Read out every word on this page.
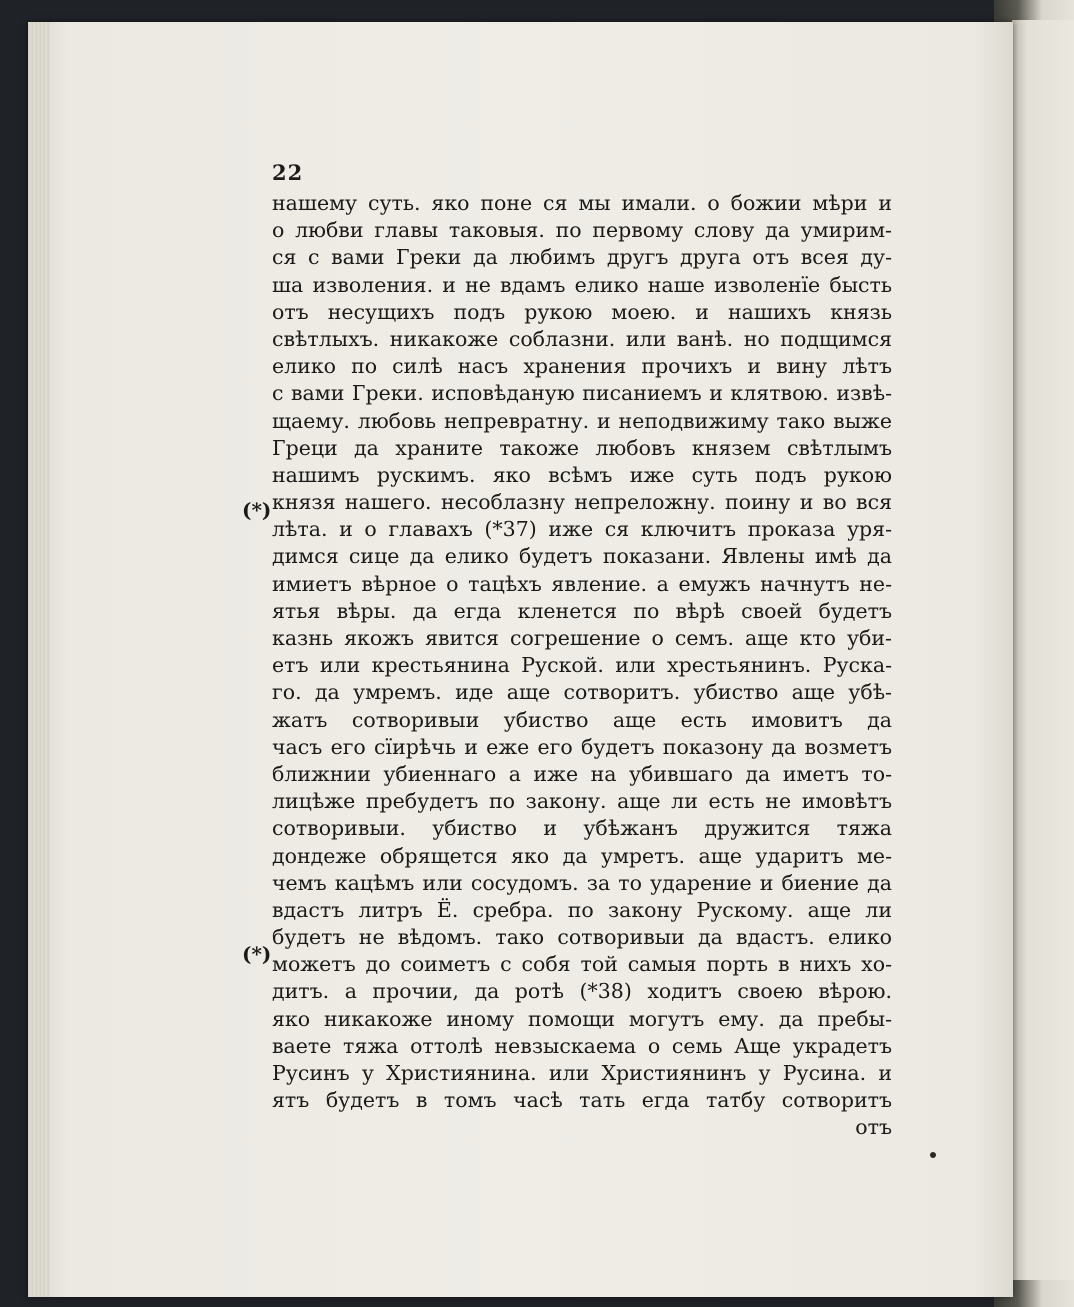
22
(*)
(*)
нашему суть. яко поне ся мы имали. о божии мѣри и
о любви главы таковыя. по первому слову да умирим-
ся с вами Греки да любимъ другъ друга отъ всея ду-
ша изволения. и не вдамъ елико наше изволенїе бысть
отъ несущихъ подъ рукою моею. и нашихъ князь
свѣтлыхъ. никакоже соблазни. или ванѣ. но подщимся
елико по силѣ насъ хранения прочихъ и вину лѣтъ
с вами Греки. исповѣданую писаниемъ и клятвою. извѣ-
щаему. любовь непревратну. и неподвижиму тако выже
Греци да храните такоже любовъ князем свѣтлымъ
нашимъ рускимъ. яко всѣмъ иже суть подъ рукою
князя нашего. несоблазну непреложну. поину и во вся
лѣта. и о главахъ (*37) иже ся ключитъ проказа уря-
димся сице да елико будетъ показани. Явлены имѣ да
имиетъ вѣрное о тацѣхъ явление. а емужъ начнутъ не-
ятья вѣры. да егда кленется по вѣрѣ своей будетъ
казнь якожъ явится согрешение о семъ. аще кто уби-
етъ или крестьянина Руской. или хрестьянинъ. Руска-
го. да умремъ. иде аще сотворитъ. убиство аще убѣ-
жатъ сотворивыи убиство аще есть имовитъ да
часъ его сїирѣчь и еже его будетъ показону да возметъ
ближнии убиеннаго а иже на убившаго да иметъ то-
лицѣже пребудетъ по закону. аще ли есть не имовѣтъ
сотворивыи. убиство и убѣжанъ дружится тяжа
дондеже обрящется яко да умретъ. аще ударитъ ме-
чемъ кацѣмъ или сосудомъ. за то ударение и биение да
вдастъ литръ Ё. сребра. по закону Рускому. аще ли
будетъ не вѣдомъ. тако сотворивыи да вдастъ. елико
можетъ до соиметъ с собя той самыя порть в нихъ хо-
дитъ. а прочии, да ротѣ (*38) ходитъ своею вѣрою.
яко никакоже иному помощи могутъ ему. да пребы-
ваете тяжа оттолѣ невзыскаема о семь Аще украдетъ
Русинъ у Християнина. или Християнинъ у Русина. и
ятъ будетъ в томъ часѣ тать егда татбу сотворитъ
отъ
